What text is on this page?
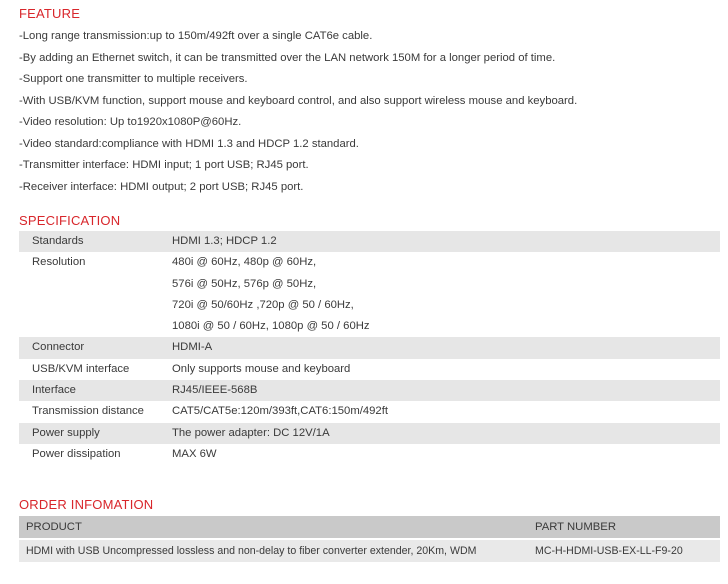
FEATURE
-Long range transmission:up to 150m/492ft over a single CAT6e cable.
-By adding an Ethernet switch, it can be transmitted over the LAN network 150M for a longer period of time.
-Support one transmitter to multiple receivers.
-With USB/KVM function, support mouse and keyboard control, and also support wireless mouse and keyboard.
-Video resolution: Up to1920x1080P@60Hz.
-Video standard:compliance with HDMI 1.3 and HDCP 1.2 standard.
-Transmitter interface: HDMI input; 1 port USB; RJ45 port.
-Receiver interface: HDMI output; 2 port USB; RJ45 port.
SPECIFICATION
Standards	HDMI 1.3; HDCP 1.2

Resolution	480i @ 60Hz, 480p @ 60Hz,
576i @ 50Hz, 576p @ 50Hz,
720i @ 50/60Hz ,720p @ 50 / 60Hz,
1080i @ 50 / 60Hz, 1080p @ 50 / 60Hz

Connector	HDMI-A

USB/KVM interface	Only supports mouse and keyboard

Interface	RJ45/IEEE-568B

Transmission distance	CAT5/CAT5e:120m/393ft,CAT6:150m/492ft

Power supply	The power adapter: DC 12V/1A

Power dissipation	MAX 6W
ORDER INFOMATION
PRODUCT	PART NUMBER
HDMI with USB Uncompressed lossless and non-delay to fiber converter extender, 20Km, WDM	MC-H-HDMI-USB-EX-LL-F9-20
